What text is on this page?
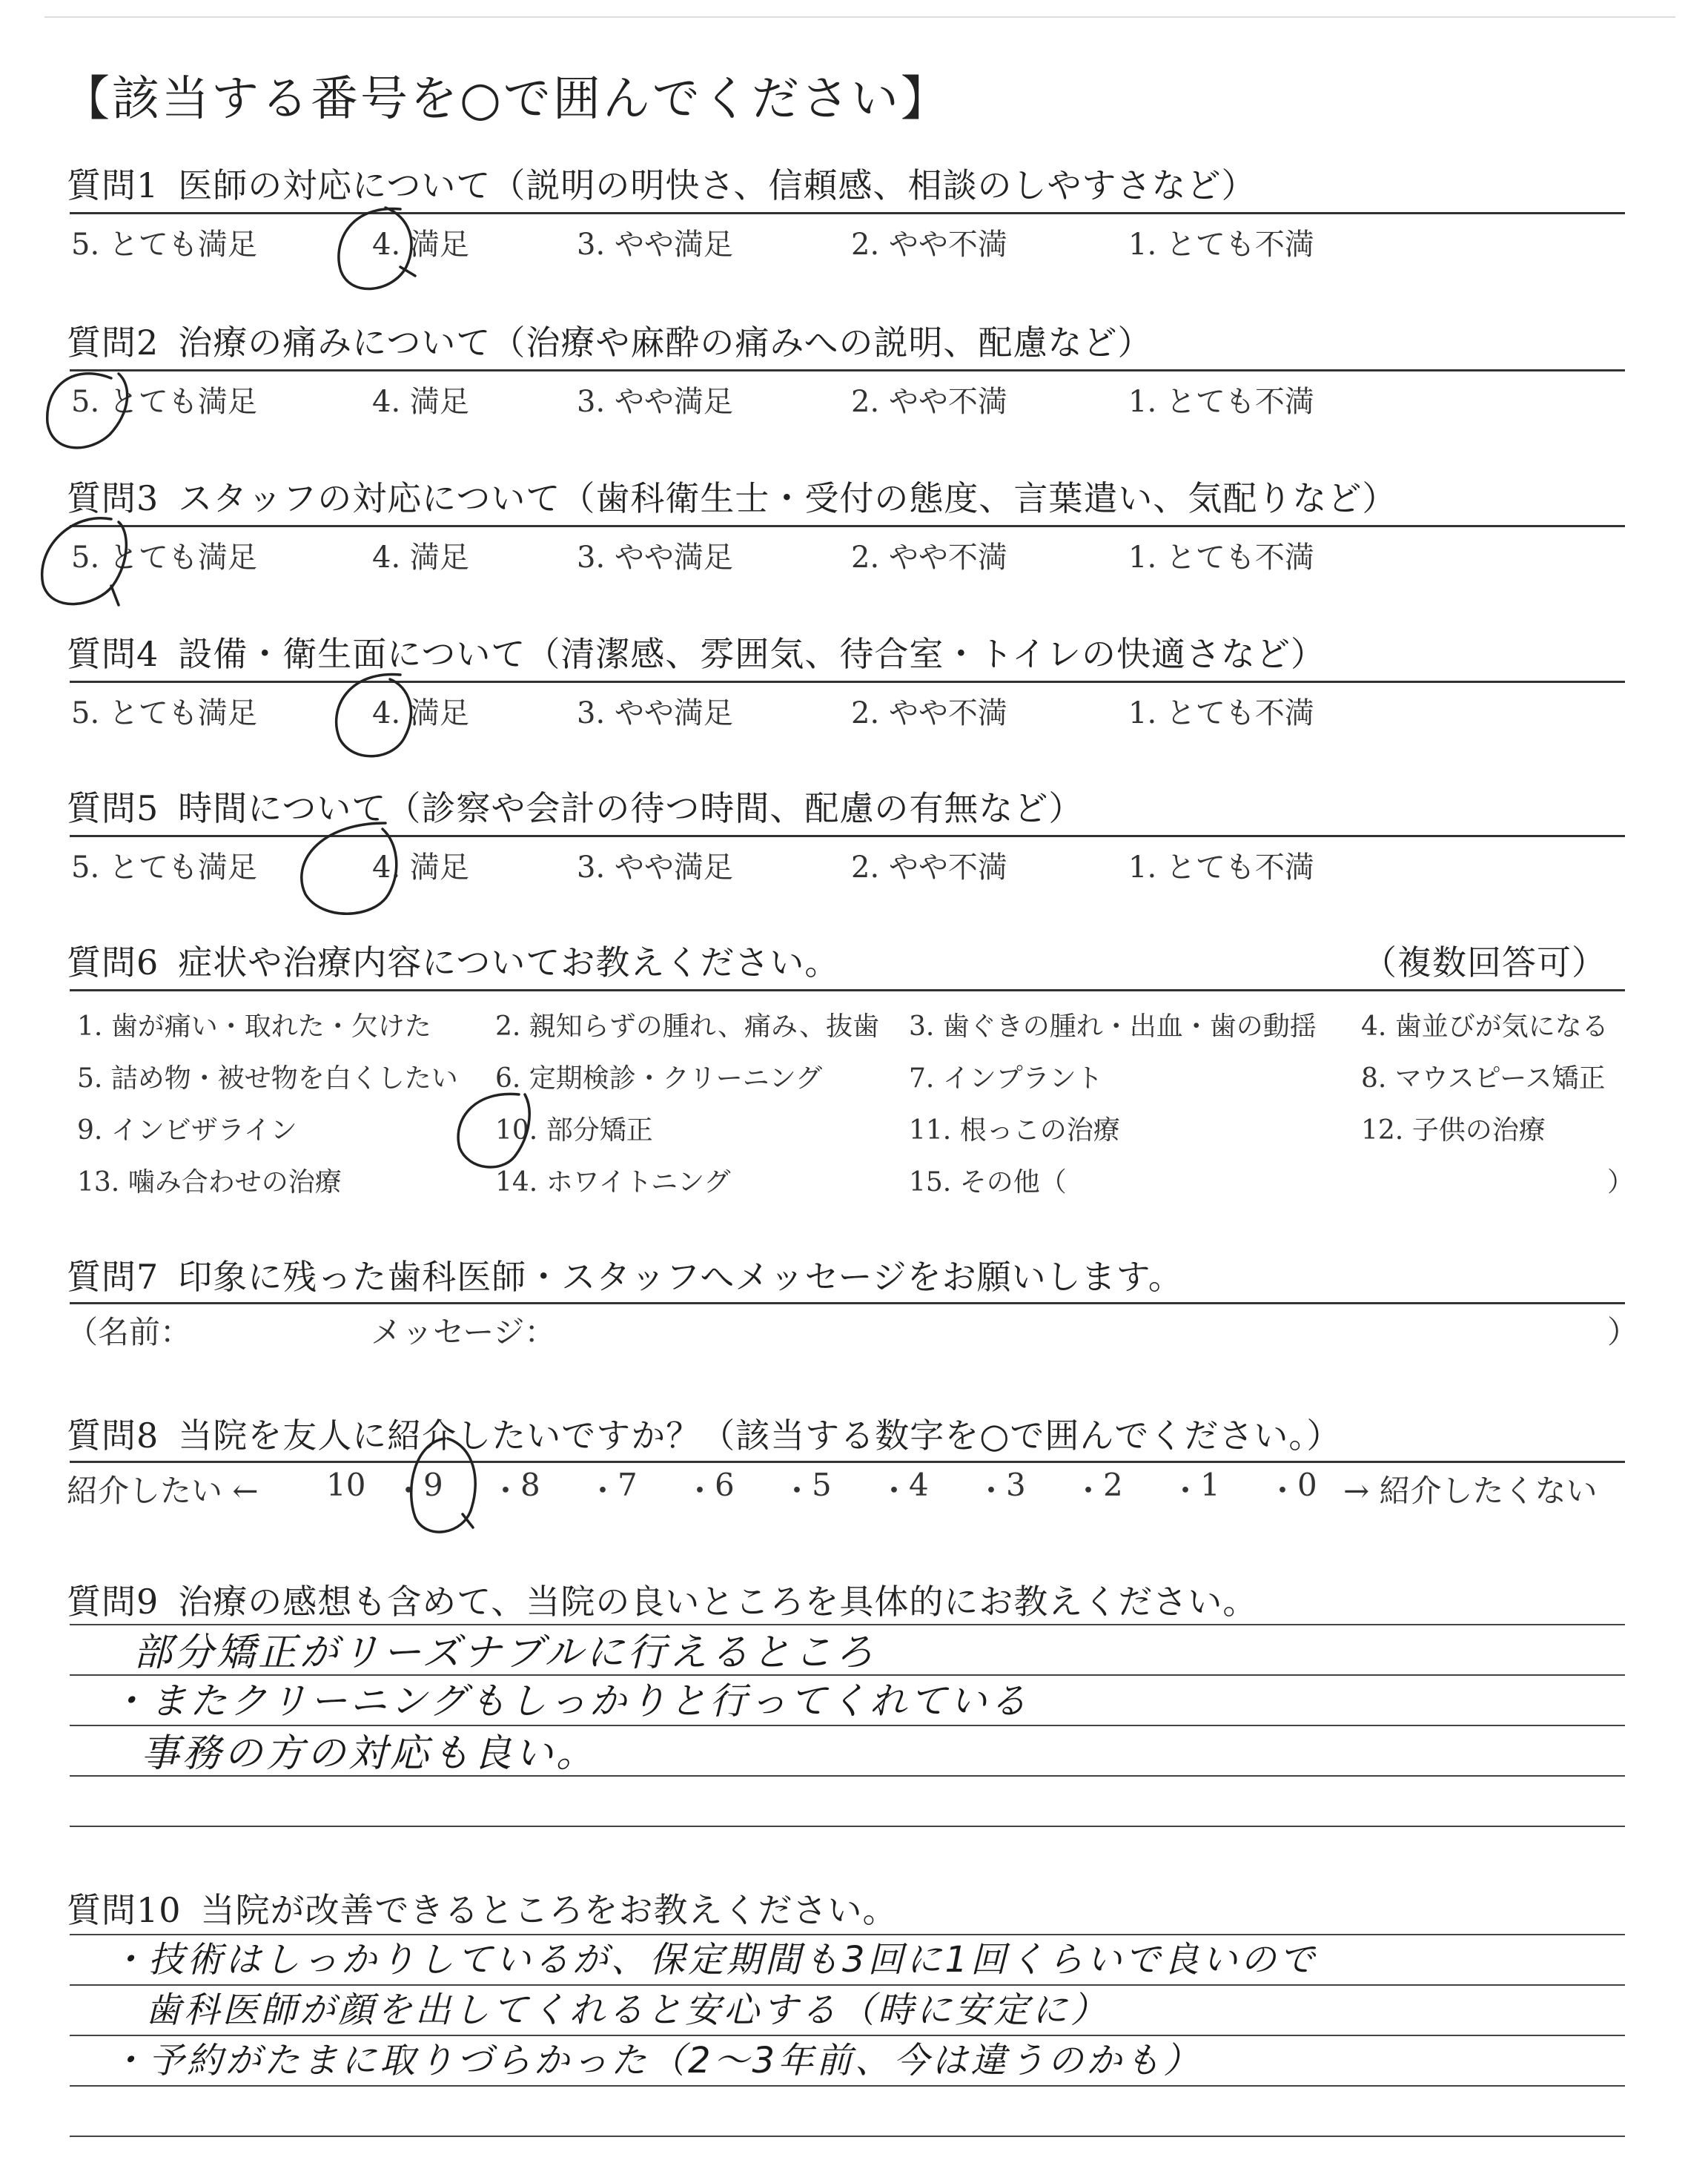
【該当する番号を○で囲んでください】
質問1 医師の対応について（説明の明快さ、信頼感、相談のしやすさなど）
5. とても満足	4. 満足	3. やや満足	2. やや不満	1. とても不満
質問2 治療の痛みについて（治療や麻酔の痛みへの説明、配慮など）
5. とても満足	4. 満足	3. やや満足	2. やや不満	1. とても不満
質問3 スタッフの対応について（歯科衛生士・受付の態度、言葉遣い、気配りなど）
5. とても満足	4. 満足	3. やや満足	2. やや不満	1. とても不満
質問4 設備・衛生面について（清潔感、雰囲気、待合室・トイレの快適さなど）
5. とても満足	4. 満足	3. やや満足	2. やや不満	1. とても不満
質問5 時間について（診察や会計の待つ時間、配慮の有無など）
5. とても満足	4. 満足	3. やや満足	2. やや不満	1. とても不満
質問6 症状や治療内容についてお教えください。	（複数回答可）
1. 歯が痛い・取れた・欠けた 2. 親知らずの腫れ、痛み、抜歯 3. 歯ぐきの腫れ・出血・歯の動揺 4. 歯並びが気になる
5. 詰め物・被せ物を白くしたい 6. 定期検診・クリーニング	7. インプラント	8. マウスピース矯正
9. インビザライン	10. 部分矯正	11. 根っこの治療	12. 子供の治療
13. 噛み合わせの治療	14. ホワイトニング	15. その他（	）
質問7 印象に残った歯科医師・スタッフへメッセージをお願いします。
（名前：	メッセージ：	）
質問8 当院を友人に紹介したいですか？（該当する数字を○で囲んでください。）
紹介したい ←	→ 紹介したくない
10 ・
9 ・
8 ・
7 ・
6 ・
5 ・
4 ・
3 ・
2 ・
1 ・
0
質問9 治療の感想も含めて、当院の良いところを具体的にお教えください。
部分矯正がリーズナブルに行えるところ
・またクリーニングもしっかりと行ってくれている
事務の方の対応も良い。
質問10 当院が改善できるところをお教えください。
・技術はしっかりしているが、保定期間も3回に1回くらいで良いので
歯科医師が顔を出してくれると安心する（時に安定に）
・予約がたまに取りづらかった（2〜3年前、今は違うのかも）
